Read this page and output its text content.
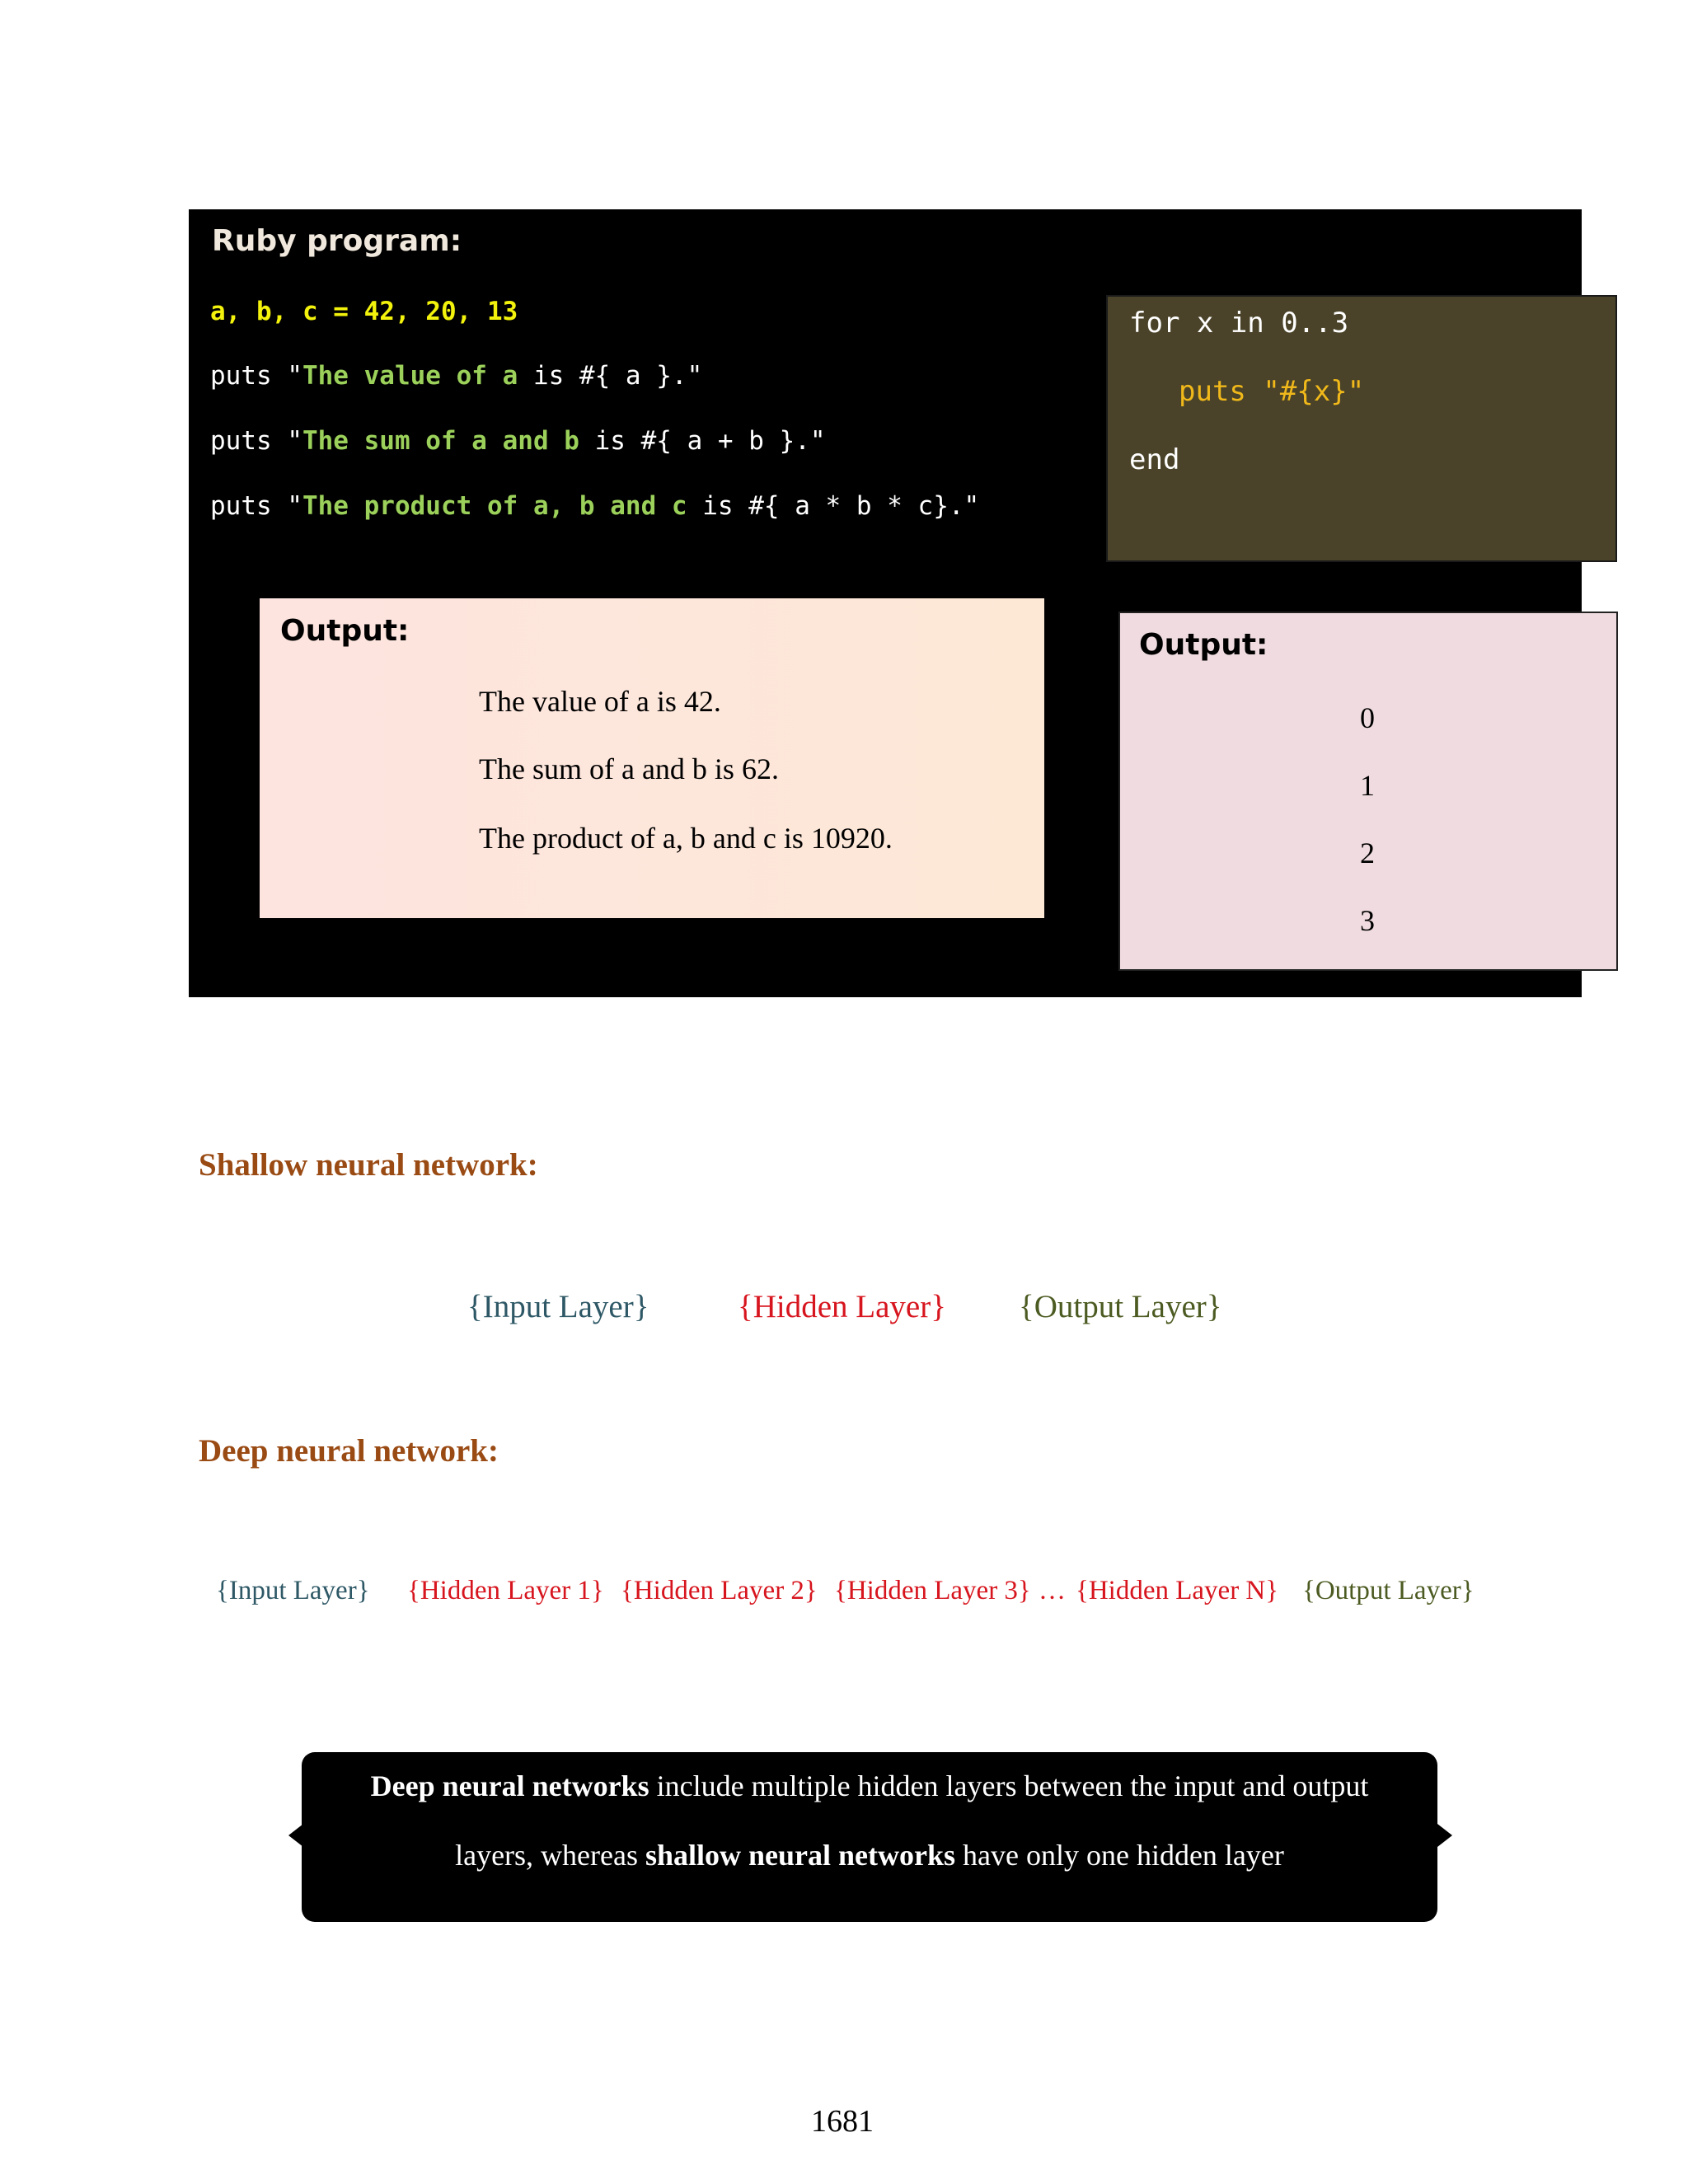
Ruby program:
a, b, c = 42, 20, 13
puts "The value of a is #{ a }."
puts "The sum of a and b is #{ a + b }."
puts "The product of a, b and c is #{ a * b * c}."
for x in 0..3
puts "#{x}"
end
Output:
The value of a is 42.
The sum of a and b is 62.
The product of a, b and c is 10920.
Output:
0
1
2
3
Shallow neural network:
{Input Layer}	{Hidden Layer} {Output Layer}
Deep neural network:
{Input Layer} {Hidden Layer 1} {Hidden Layer 2} {Hidden Layer 3} … {Hidden Layer N} {Output Layer}
Deep neural networks include multiple hidden layers between the input and output
layers, whereas shallow neural networks have only one hidden layer
1681
